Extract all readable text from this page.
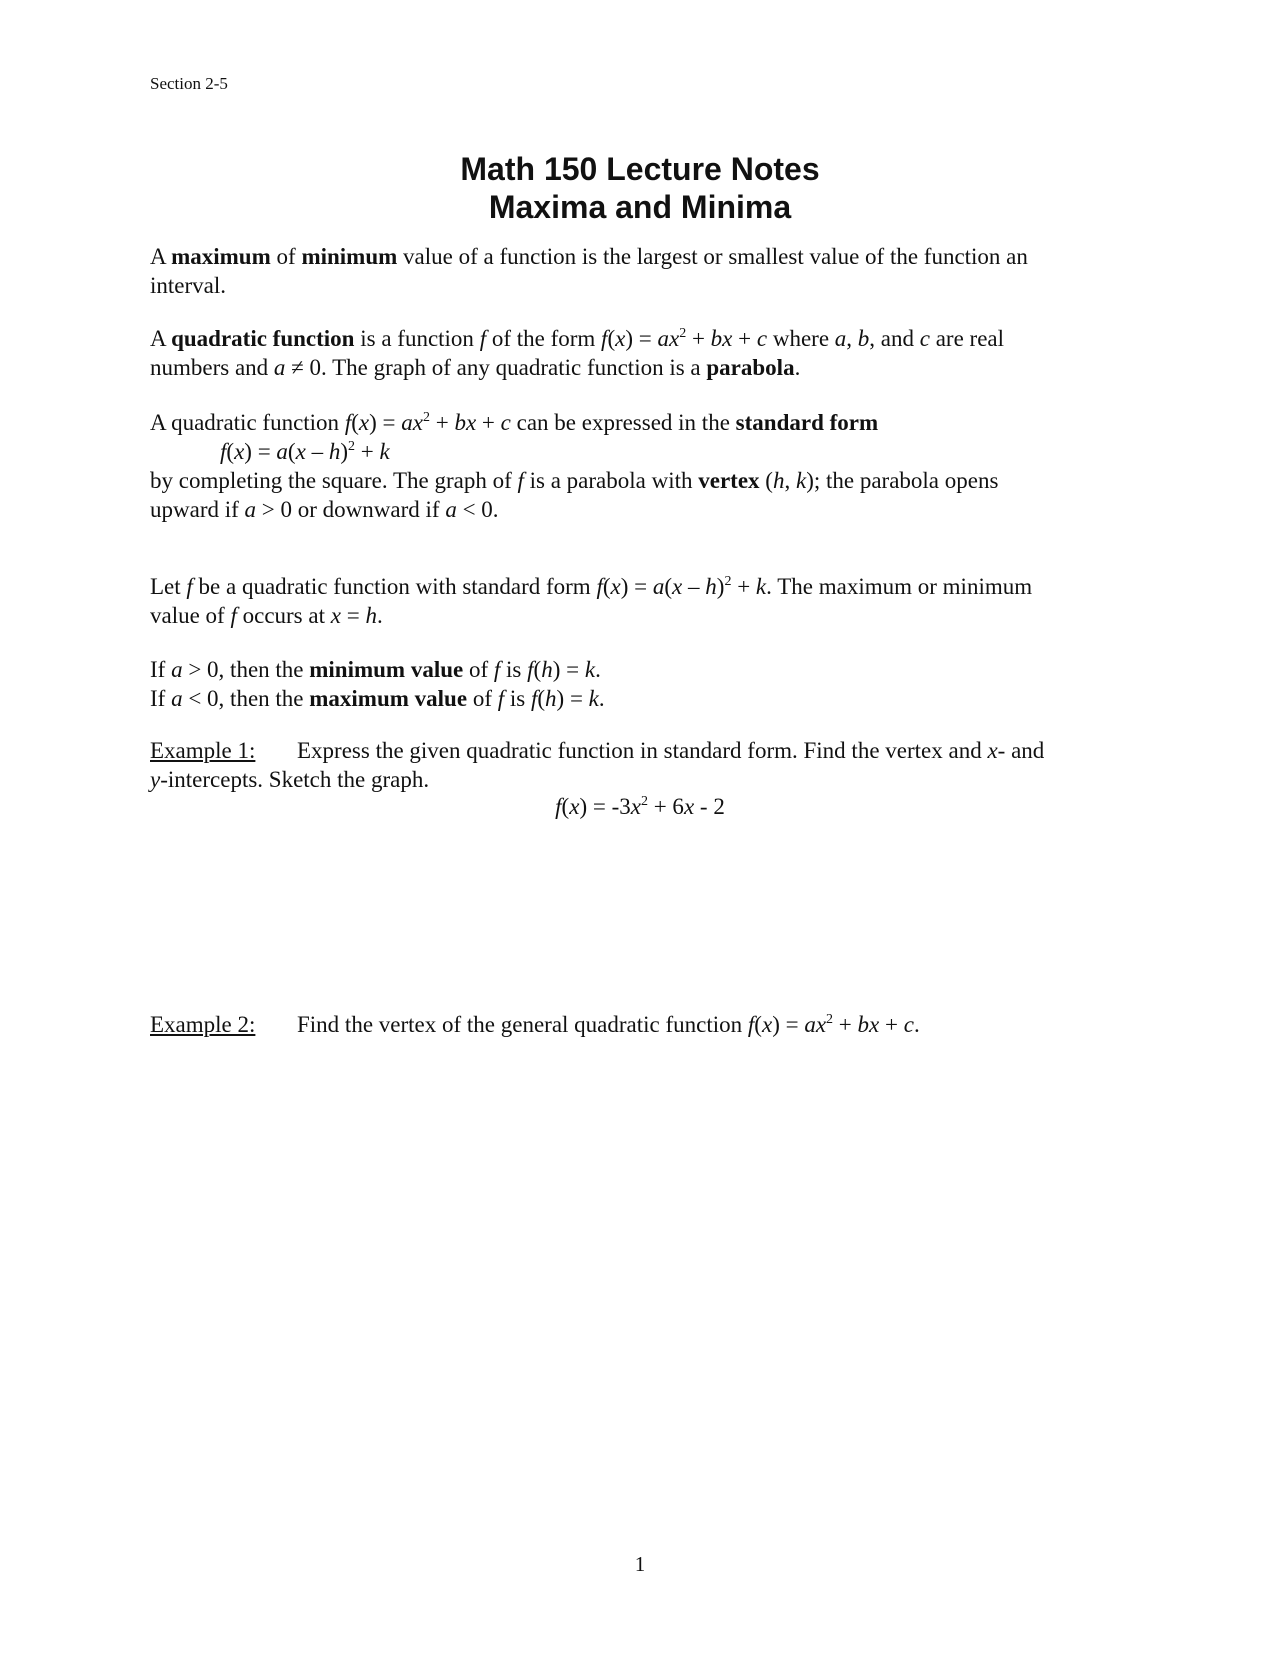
Section 2-5
Math 150 Lecture Notes
Maxima and Minima
A maximum of minimum value of a function is the largest or smallest value of the function an
interval.
A quadratic function is a function f of the form $f(x) = ax^2$ + bx + c where a, b, and c are real
numbers and a ≠ 0. The graph of any quadratic function is a parabola.
A quadratic function $f(x) = ax^2$ + bx + c can be expressed in the standard form
f(x) = a(x – h)$^2$ + k
by completing the square. The graph of f is a parabola with vertex (h, k); the parabola opens
upward if a > 0 or downward if a < 0.
Let f be a quadratic function with standard form f(x) = a(x – h)$^2$ + k. The maximum or minimum
value of f occurs at x = h.
If a > 0, then the minimum value of f is f(h) = k.
If a < 0, then the maximum value of f is f(h) = k.
Example 1: Express the given quadratic function in standard form. Find the vertex and x- and
y-intercepts. Sketch the graph.
$f(x) = -3x^2 + 6x - 2$
Example 2: Find the vertex of the general quadratic function $f(x) = ax^2$ + bx + c.
1
